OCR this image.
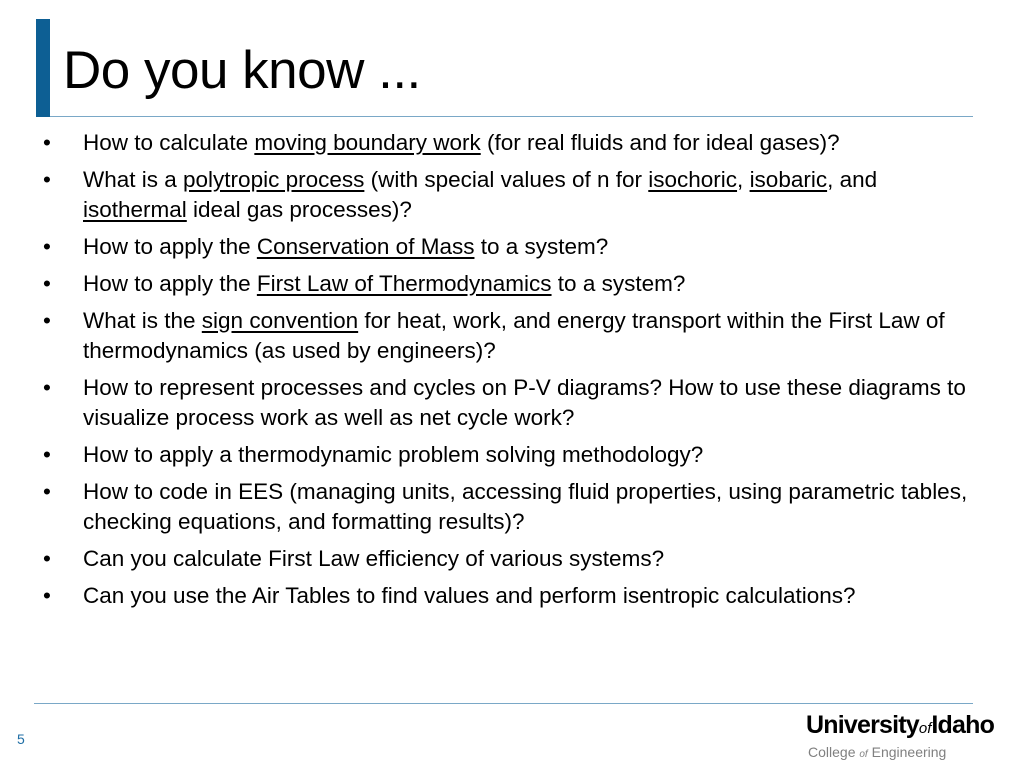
Do you know ...
• How to calculate moving boundary work (for real fluids and for ideal gases)?
• What is a polytropic process (with special values of n for isochoric, isobaric, and isothermal ideal gas processes)?
• How to apply the Conservation of Mass to a system?
• How to apply the First Law of Thermodynamics to a system?
• What is the sign convention for heat, work, and energy transport within the First Law of thermodynamics (as used by engineers)?
• How to represent processes and cycles on P-V diagrams? How to use these diagrams to visualize process work as well as net cycle work?
• How to apply a thermodynamic problem solving methodology?
• How to code in EES (managing units, accessing fluid properties, using parametric tables, checking equations, and formatting results)?
• Can you calculate First Law efficiency of various systems?
• Can you use the Air Tables to find values and perform isentropic calculations?
5	UniversityofIdaho
College of Engineering
